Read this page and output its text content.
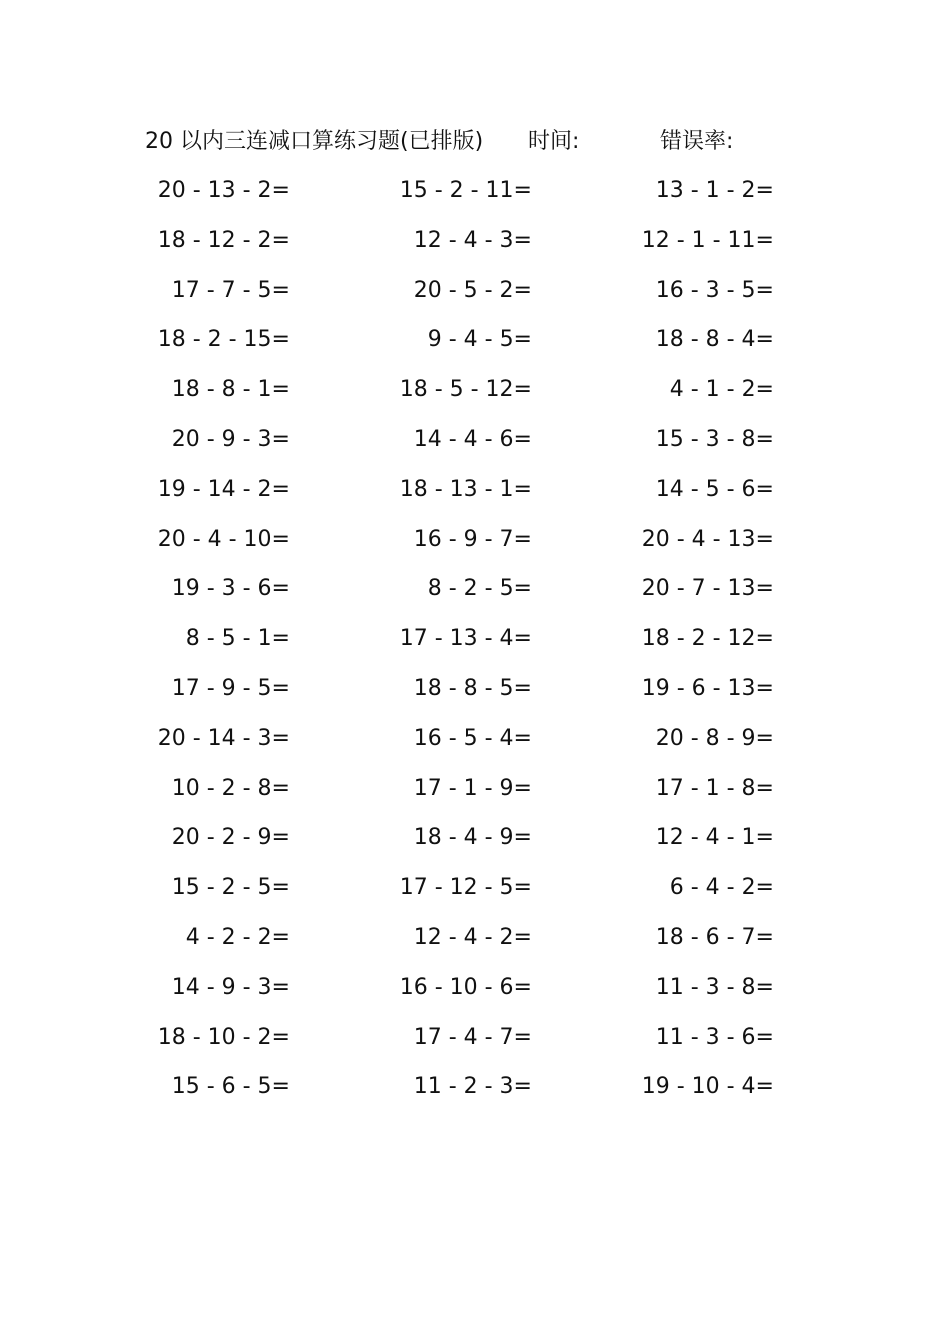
20 以内三连减口算练习题(已排版) 时间:	错误率:
20 - 13 - 2=	15 - 2 - 11=	13 - 1 - 2=
18 - 12 - 2=	12 - 4 - 3=	12 - 1 - 11=
17 - 7 - 5=	20 - 5 - 2=	16 - 3 - 5=
18 - 2 - 15=	9 - 4 - 5=	18 - 8 - 4=
18 - 8 - 1=	18 - 5 - 12=	4 - 1 - 2=
20 - 9 - 3=	14 - 4 - 6=	15 - 3 - 8=
19 - 14 - 2=	18 - 13 - 1=	14 - 5 - 6=
20 - 4 - 10=	16 - 9 - 7=	20 - 4 - 13=
19 - 3 - 6=	8 - 2 - 5=	20 - 7 - 13=
8 - 5 - 1=	17 - 13 - 4=	18 - 2 - 12=
17 - 9 - 5=	18 - 8 - 5=	19 - 6 - 13=
20 - 14 - 3=	16 - 5 - 4=	20 - 8 - 9=
10 - 2 - 8=	17 - 1 - 9=	17 - 1 - 8=
20 - 2 - 9=	18 - 4 - 9=	12 - 4 - 1=
15 - 2 - 5=	17 - 12 - 5=	6 - 4 - 2=
4 - 2 - 2=	12 - 4 - 2=	18 - 6 - 7=
14 - 9 - 3=	16 - 10 - 6=	11 - 3 - 8=
18 - 10 - 2=	17 - 4 - 7=	11 - 3 - 6=
15 - 6 - 5=	11 - 2 - 3=	19 - 10 - 4=
